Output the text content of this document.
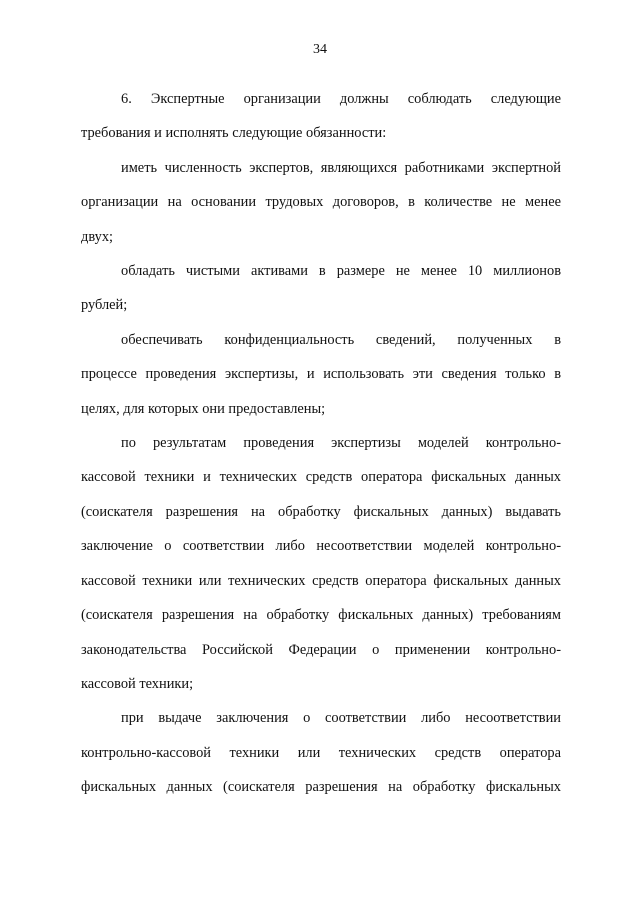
34
6. Экспертные организации должны соблюдать следующие
требования и исполнять следующие обязанности:
иметь численность экспертов, являющихся работниками экспертной
организации на основании трудовых договоров, в количестве не менее
двух;
обладать чистыми активами в размере не менее 10 миллионов
рублей;
обеспечивать конфиденциальность сведений, полученных в
процессе проведения экспертизы, и использовать эти сведения только в
целях, для которых они предоставлены;
по результатам проведения экспертизы моделей контрольно-
кассовой техники и технических средств оператора фискальных данных
(соискателя разрешения на обработку фискальных данных) выдавать
заключение о соответствии либо несоответствии моделей контрольно-
кассовой техники или технических средств оператора фискальных данных
(соискателя разрешения на обработку фискальных данных) требованиям
законодательства Российской Федерации о применении контрольно-
кассовой техники;
при выдаче заключения о соответствии либо несоответствии
контрольно-кассовой техники или технических средств оператора
фискальных данных (соискателя разрешения на обработку фискальных
